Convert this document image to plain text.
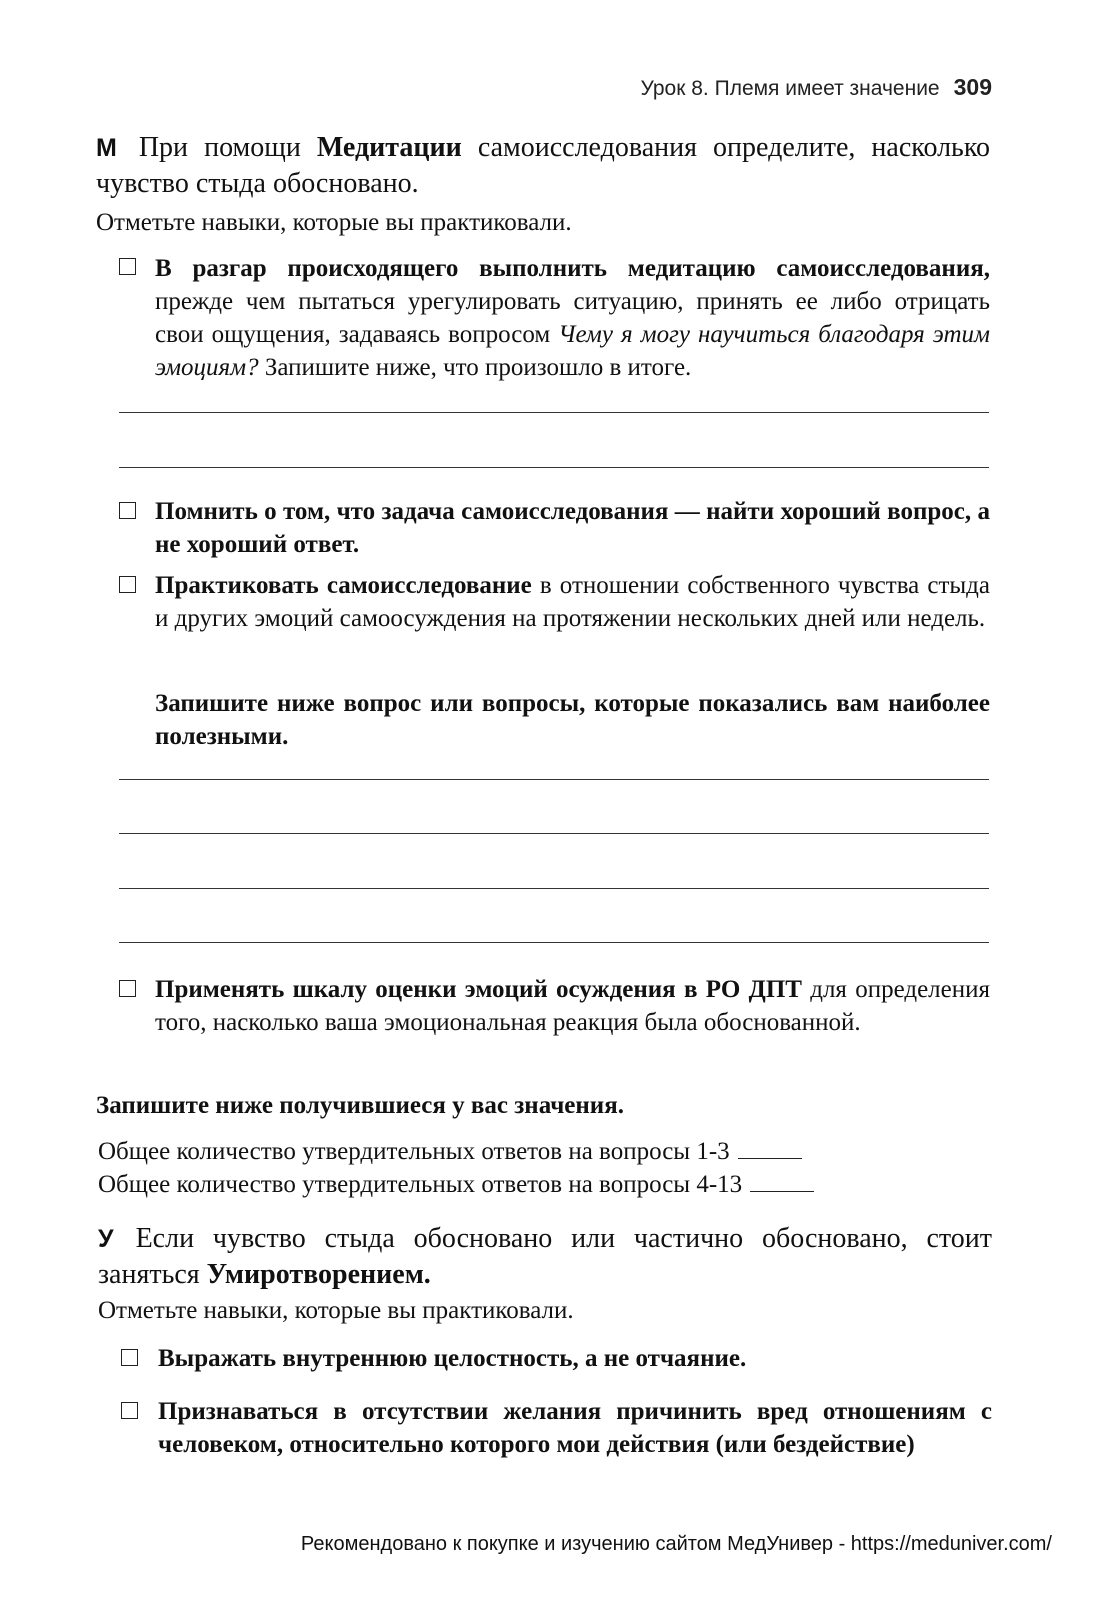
Урок 8. Племя имеет значение 309
М При помощи Медитации самоисследования определите, насколько чувство стыда обосновано.
Отметьте навыки, которые вы практиковали.
В разгар происходящего выполнить медитацию самоисследования, прежде чем пытаться урегулировать ситуацию, принять ее либо отрицать свои ощущения, задаваясь вопросом Чему я могу научиться благодаря этим эмоциям? Запишите ниже, что произошло в итоге.
Помнить о том, что задача самоисследования — найти хороший вопрос, а не хороший ответ.
Практиковать самоисследование в отношении собственного чувства стыда и других эмоций самоосуждения на протяжении нескольких дней или недель.
Запишите ниже вопрос или вопросы, которые показались вам наиболее полезными.
Применять шкалу оценки эмоций осуждения в РО ДПТ для определения того, насколько ваша эмоциональная реакция была обоснованной.
Запишите ниже получившиеся у вас значения.
Общее количество утвердительных ответов на вопросы 1-3
Общее количество утвердительных ответов на вопросы 4-13
У Если чувство стыда обосновано или частично обосновано, стоит заняться Умиротворением.
Отметьте навыки, которые вы практиковали.
Выражать внутреннюю целостность, а не отчаяние.
Признаваться в отсутствии желания причинить вред отношениям с человеком, относительно которого мои действия (или бездействие)
Рекомендовано к покупке и изучению сайтом МедУнивер - https://meduniver.com/
